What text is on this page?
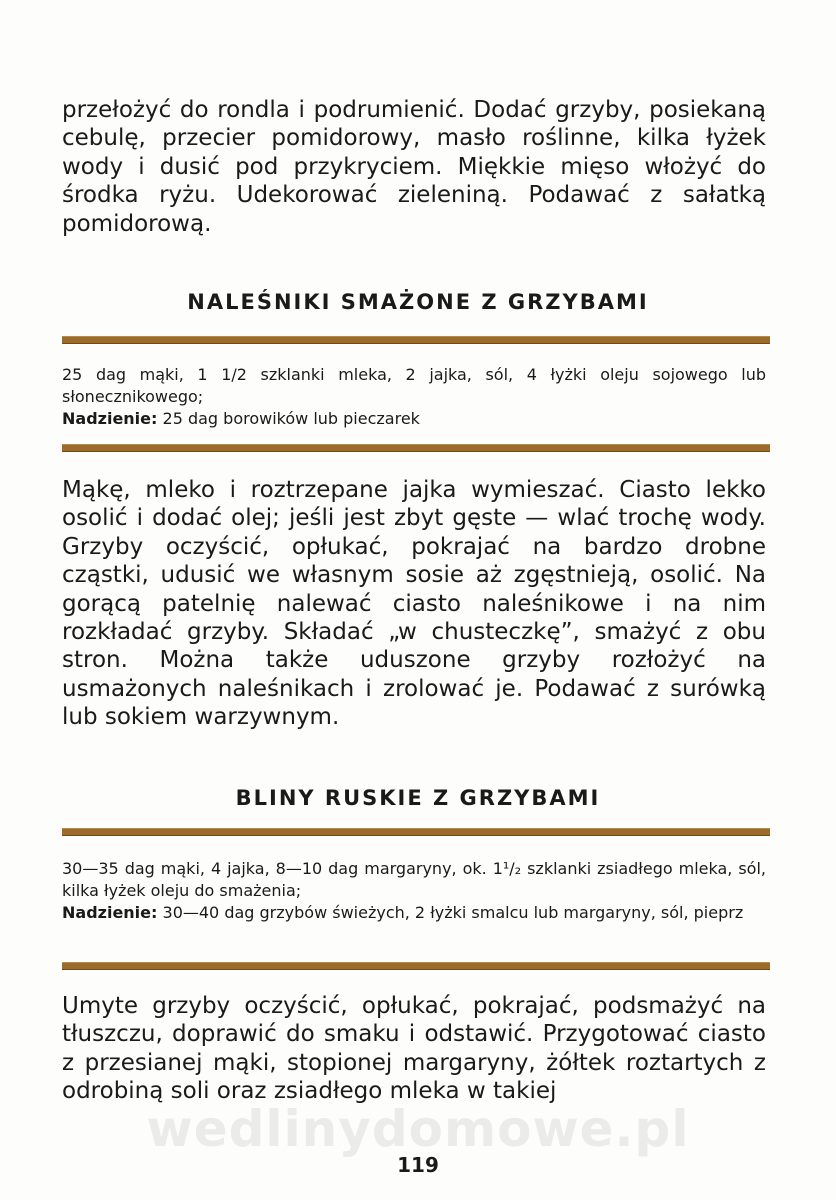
przełożyć do rondla i podrumienić. Dodać grzyby, posiekaną cebulę, przecier pomidorowy, masło roślinne, kilka łyżek wody i dusić pod przykryciem. Miękkie mięso włożyć do środka ryżu. Udekorować zieleniną. Podawać z sałatką pomidorową.

NALEŚNIKI SMAŻONE Z GRZYBAMI

25 dag mąki, 1 1/2 szklanki mleka, 2 jajka, sól, 4 łyżki oleju sojowego lub słonecznikowego;
Nadzienie: 25 dag borowików lub pieczarek

Mąkę, mleko i roztrzepane jajka wymieszać. Ciasto lekko osolić i dodać olej; jeśli jest zbyt gęste — wlać trochę wody. Grzyby oczyścić, opłukać, pokrajać na bardzo drobne cząstki, udusić we własnym sosie aż zgęstnieją, osolić. Na gorącą patelnię nalewać ciasto naleśnikowe i na nim rozkładać grzyby. Składać „w chusteczkę”, smażyć z obu stron. Można także uduszone grzyby rozłożyć na usmażonych naleśnikach i zrolować je. Podawać z surówką lub sokiem warzywnym.

BLINY RUSKIE Z GRZYBAMI

30—35 dag mąki, 4 jajka, 8—10 dag margaryny, ok. 1¹/₂ szklanki zsiadłego mleka, sól, kilka łyżek oleju do smażenia;
Nadzienie: 30—40 dag grzybów świeżych, 2 łyżki smalcu lub margaryny, sól, pieprz

Umyte grzyby oczyścić, opłukać, pokrajać, podsmażyć na tłuszczu, doprawić do smaku i odstawić. Przygotować ciasto z przesianej mąki, stopionej margaryny, żółtek roztartych z odrobiną soli oraz zsiadłego mleka w takiej

wedlinydomowe.pl
119
